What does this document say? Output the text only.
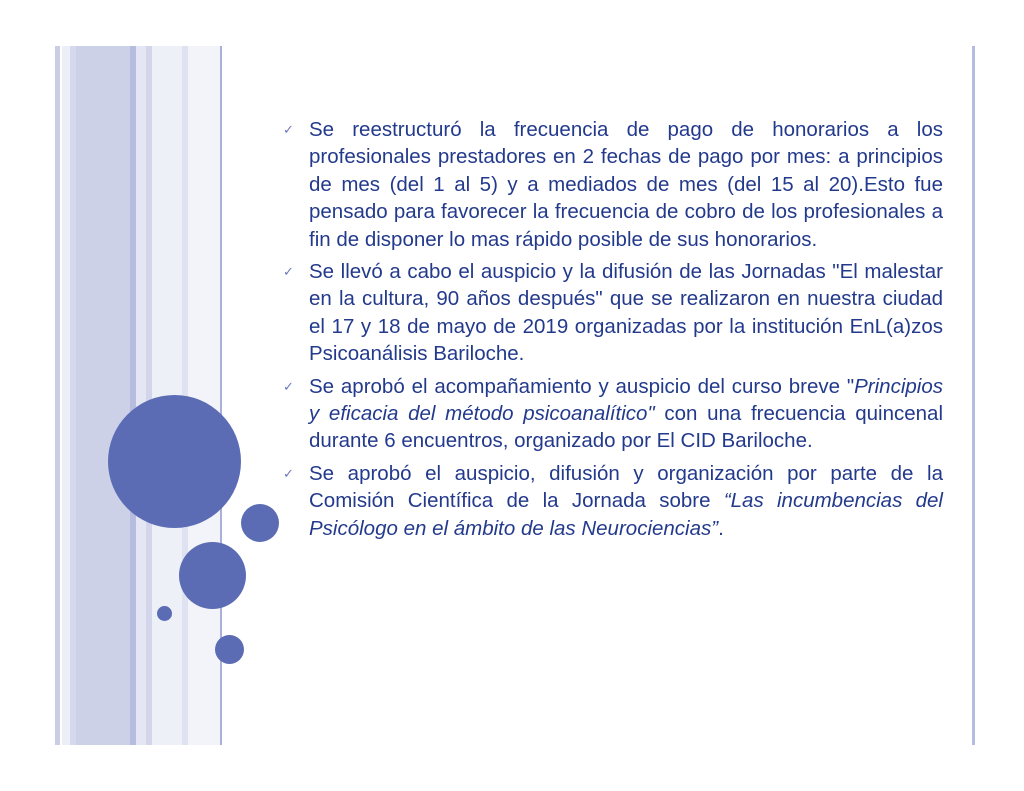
✓ Se reestructuró la frecuencia de pago de honorarios a los profesionales prestadores en 2 fechas de pago por mes: a principios de mes (del 1 al 5) y a mediados de mes (del 15 al 20).Esto fue pensado para favorecer la frecuencia de cobro de los profesionales a fin de disponer lo mas rápido posible de sus honorarios.
✓ Se llevó a cabo el auspicio y la difusión de las Jornadas "El malestar en la cultura, 90 años después" que se realizaron en nuestra ciudad el 17 y 18 de mayo de 2019 organizadas por la institución EnL(a)zos Psicoanálisis Bariloche.
✓ Se aprobó el acompañamiento y auspicio del curso breve "Principios y eficacia del método psicoanalítico" con una frecuencia quincenal durante 6 encuentros, organizado por El CID Bariloche.
✓ Se aprobó el auspicio, difusión y organización por parte de la Comisión Científica de la Jornada sobre “Las incumbencias del Psicólogo en el ámbito de las Neurociencias”.
